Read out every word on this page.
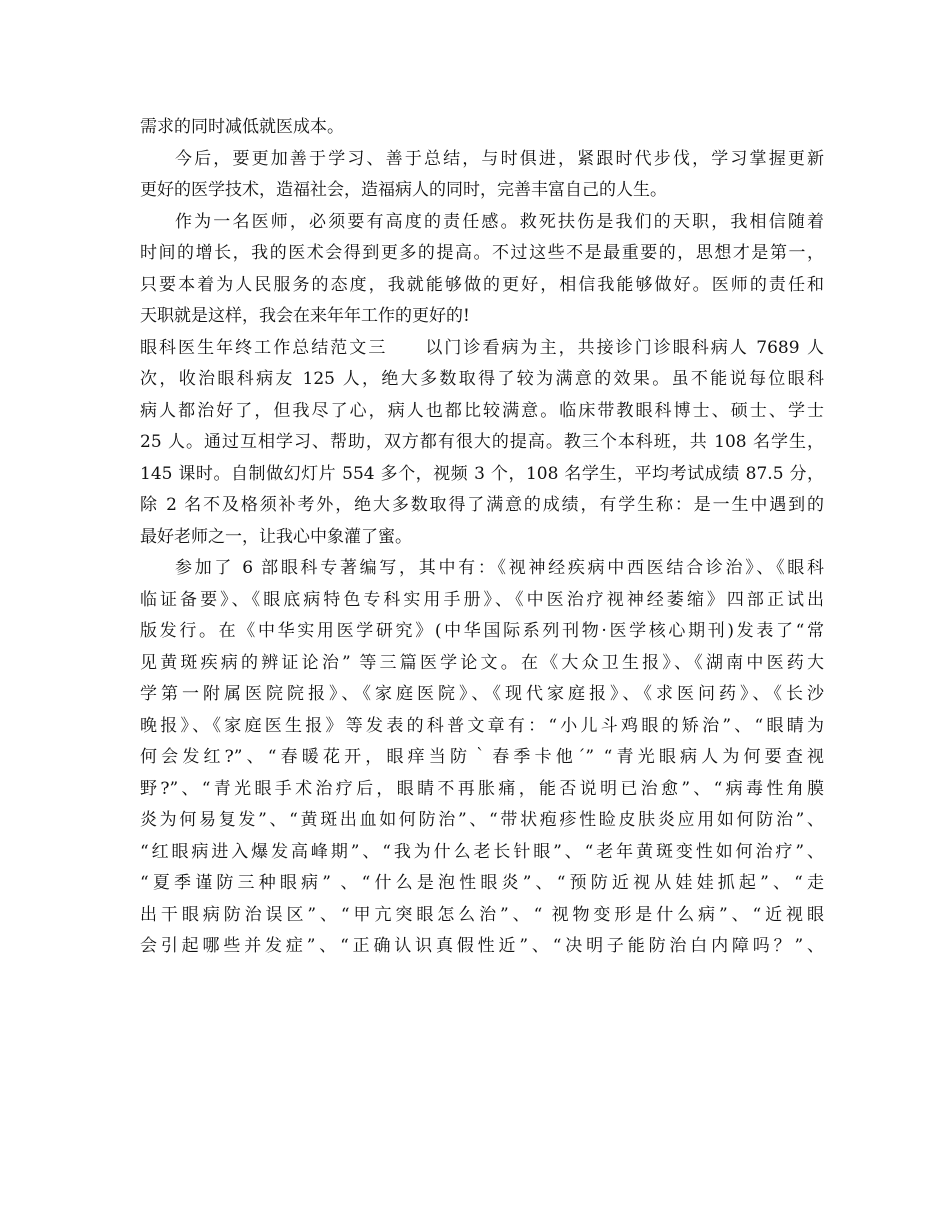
需求的同时减低就医成本。
今后，要更加善于学习、善于总结，与时俱进，紧跟时代步伐，学习掌握更新
更好的医学技术，造福社会，造福病人的同时，完善丰富自己的人生。
作为一名医师，必须要有高度的责任感。救死扶伤是我们的天职，我相信随着
时间的增长，我的医术会得到更多的提高。不过这些不是最重要的，思想才是第一，
只要本着为人民服务的态度，我就能够做的更好，相信我能够做好。医师的责任和
天职就是这样，我会在来年年工作的更好的!
眼科医生年终工作总结范文三　　以门诊看病为主，共接诊门诊眼科病人 7689 人
次，收治眼科病友 125 人，绝大多数取得了较为满意的效果。虽不能说每位眼科
病人都治好了，但我尽了心，病人也都比较满意。临床带教眼科博士、硕士、学士
25 人。通过互相学习、帮助，双方都有很大的提高。教三个本科班，共 108 名学生，
145 课时。自制做幻灯片 554 多个，视频 3 个，108 名学生，平均考试成绩 87.5 分，
除 2 名不及格须补考外，绝大多数取得了满意的成绩，有学生称：是一生中遇到的
最好老师之一，让我心中象灌了蜜。
参加了 6 部眼科专著编写，其中有：《视神经疾病中西医结合诊治》、《眼科
临证备要》、《眼底病特色专科实用手册》、《中医治疗视神经萎缩》四部正试出
版发行。在《中华实用医学研究》(中华国际系列刊物·医学核心期刊)发表了“常
见黄斑疾病的辨证论治” 等三篇医学论文。在《大众卫生报》、《湖南中医药大
学第一附属医院院报》、《家庭医院》、《现代家庭报》、《求医问药》、《长沙
晚报》、《家庭医生报》等发表的科普文章有：“小儿斗鸡眼的矫治”、“眼睛为
何会发红?”、“春暖花开，眼痒当防｀春季卡他´” “青光眼病人为何要查视
野?”、“青光眼手术治疗后，眼睛不再胀痛，能否说明已治愈”、“病毒性角膜
炎为何易复发”、“黄斑出血如何防治”、“带状疱疹性睑皮肤炎应用如何防治”、
“红眼病进入爆发高峰期”、“我为什么老长针眼”、“老年黄斑变性如何治疗”、
“夏季谨防三种眼病” 、“什么是泡性眼炎”、“预防近视从娃娃抓起”、“走
出干眼病防治误区”、“甲亢突眼怎么治”、“ 视物变形是什么病”、“近视眼
会引起哪些并发症”、“正确认识真假性近”、“决明子能防治白内障吗？”、
